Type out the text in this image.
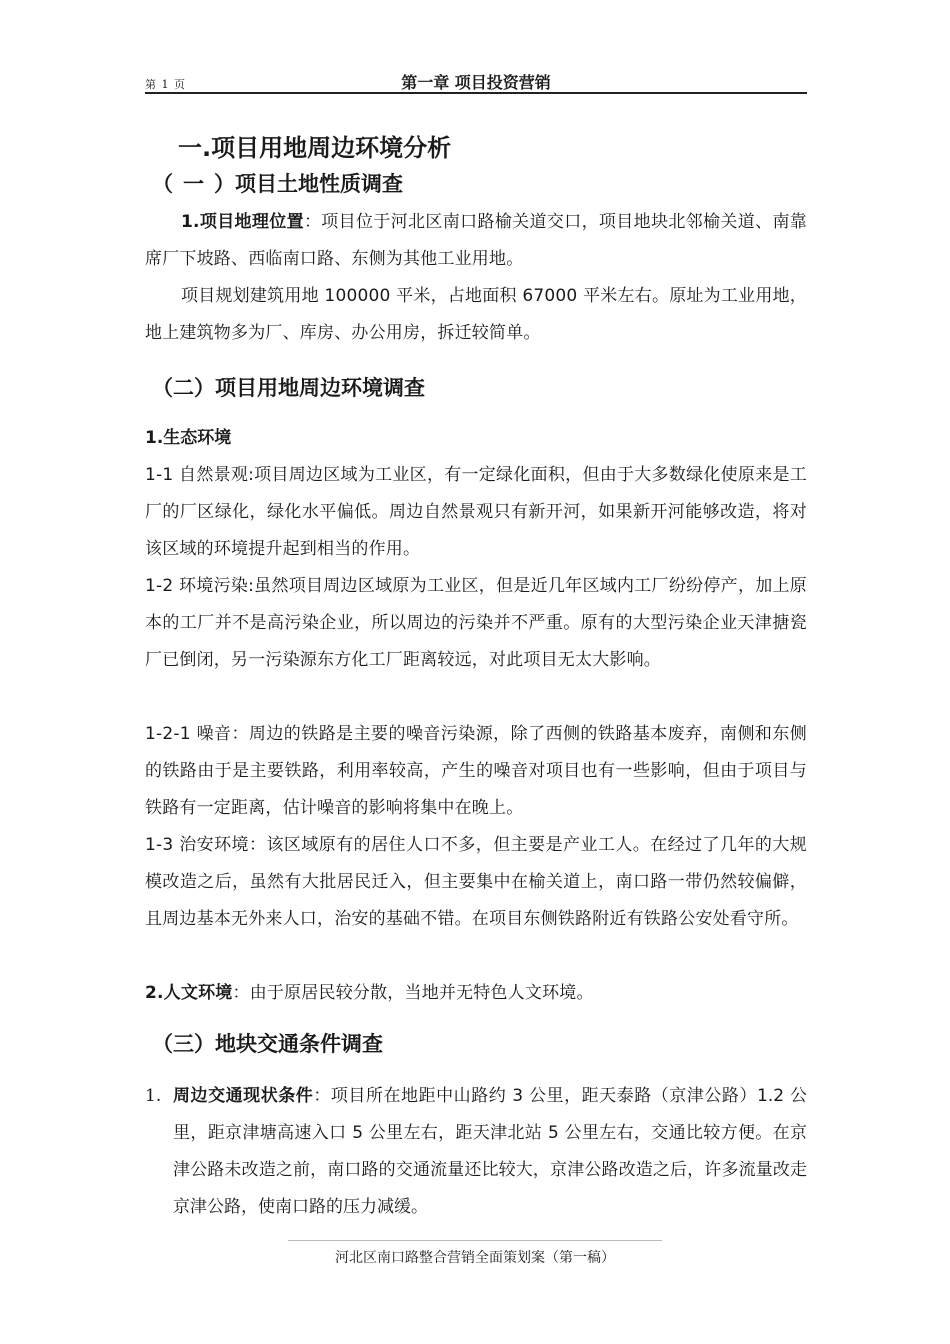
第 1 页	第一章 项目投资营销
一.项目用地周边环境分析
（ 一 ）项目土地性质调查
1.项目地理位置：项目位于河北区南口路榆关道交口，项目地块北邻榆关道、南靠席厂下坡路、西临南口路、东侧为其他工业用地。
项目规划建筑用地 100000 平米，占地面积 67000 平米左右。原址为工业用地，地上建筑物多为厂、库房、办公用房，拆迁较简单。
（二）项目用地周边环境调查
1.生态环境
1-1 自然景观:项目周边区域为工业区，有一定绿化面积，但由于大多数绿化使原来是工厂的厂区绿化，绿化水平偏低。周边自然景观只有新开河，如果新开河能够改造，将对该区域的环境提升起到相当的作用。
1-2 环境污染:虽然项目周边区域原为工业区，但是近几年区域内工厂纷纷停产，加上原本的工厂并不是高污染企业，所以周边的污染并不严重。原有的大型污染企业天津搪瓷厂已倒闭，另一污染源东方化工厂距离较远，对此项目无太大影响。
1-2-1 噪音：周边的铁路是主要的噪音污染源，除了西侧的铁路基本废弃，南侧和东侧的铁路由于是主要铁路，利用率较高，产生的噪音对项目也有一些影响，但由于项目与铁路有一定距离，估计噪音的影响将集中在晚上。
1-3 治安环境：该区域原有的居住人口不多，但主要是产业工人。在经过了几年的大规模改造之后，虽然有大批居民迁入，但主要集中在榆关道上，南口路一带仍然较偏僻，且周边基本无外来人口，治安的基础不错。在项目东侧铁路附近有铁路公安处看守所。
2.人文环境：由于原居民较分散，当地并无特色人文环境。
（三）地块交通条件调查
1. 周边交通现状条件：项目所在地距中山路约 3 公里，距天泰路（京津公路）1.2 公里，距京津塘高速入口 5 公里左右，距天津北站 5 公里左右，交通比较方便。在京津公路未改造之前，南口路的交通流量还比较大，京津公路改造之后，许多流量改走京津公路，使南口路的压力减缓。
河北区南口路整合营销全面策划案（第一稿）
